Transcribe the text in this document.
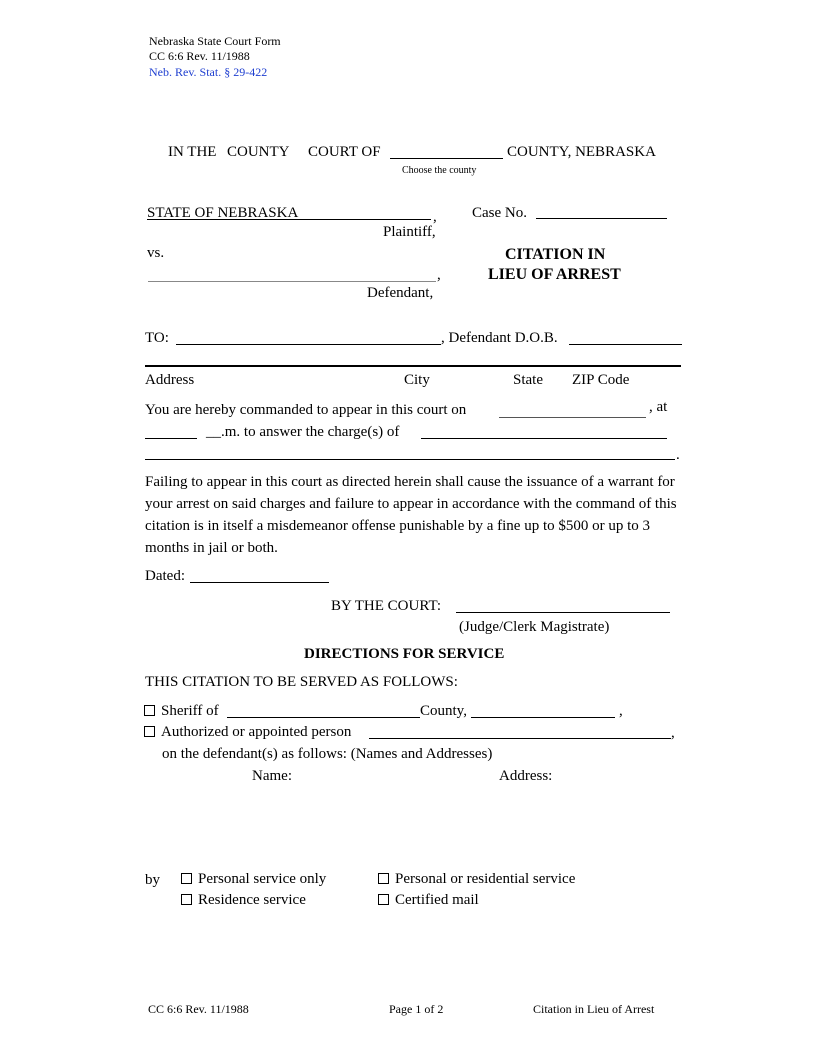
Nebraska State Court Form
CC 6:6 Rev. 11/1988
Neb. Rev. Stat. § 29-422
IN THE COUNTY COURT OF	COUNTY, NEBRASKA
Choose the county
STATE OF NEBRASKA	,
Plaintiff,
Case No.
vs.	CITATION IN
LIEU OF ARREST
,
Defendant,
TO:	, Defendant D.O.B.
Address	City	State ZIP Code
You are hereby commanded to appear in this court on	, at
__.m. to answer the charge(s) of
.
Failing to appear in this court as directed herein shall cause the issuance of a warrant for your arrest on said charges and failure to appear in accordance with the command of this citation is in itself a misdemeanor offense punishable by a fine up to $500 or up to 3 months in jail or both.
Dated:
BY THE COURT:
(Judge/Clerk Magistrate)
DIRECTIONS FOR SERVICE
THIS CITATION TO BE SERVED AS FOLLOWS:
Sheriff of	County,	,
Authorized or appointed person	,
on the defendant(s) as follows: (Names and Addresses)
Name:	Address:
by	Personal service only
Residence service
Personal or residential service
Certified mail
CC 6:6 Rev. 11/1988	Page 1 of 2	Citation in Lieu of Arrest
